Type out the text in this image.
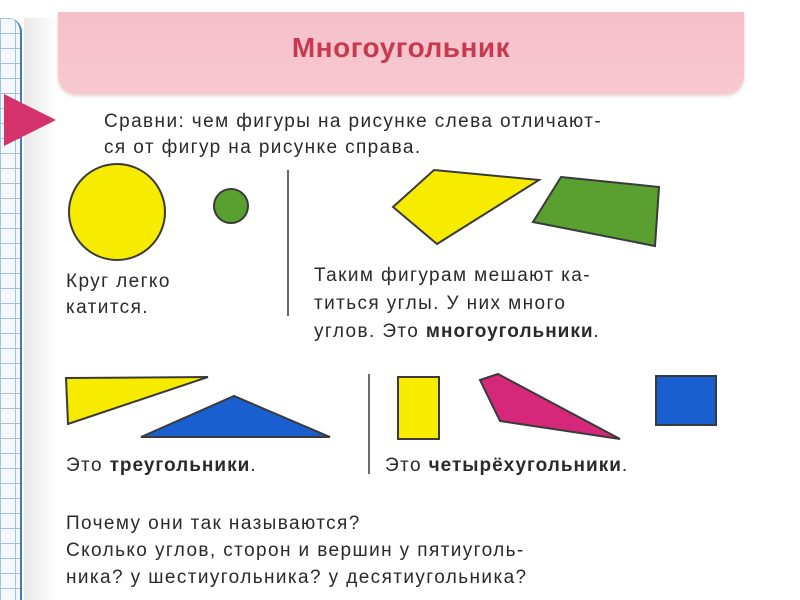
Многоугольник
Сравни: чем фигуры на рисунке слева отличают-
ся от фигур на рисунке справа.
Круг легко
катится.
Таким фигурам мешают ка-
титься углы. У них много
углов. Это многоугольники.
Это треугольники.	Это четырёхугольники.
Почему они так называются?
Сколько углов, сторон и вершин у пятиуголь-
ника? у шестиугольника? у десятиугольника?
